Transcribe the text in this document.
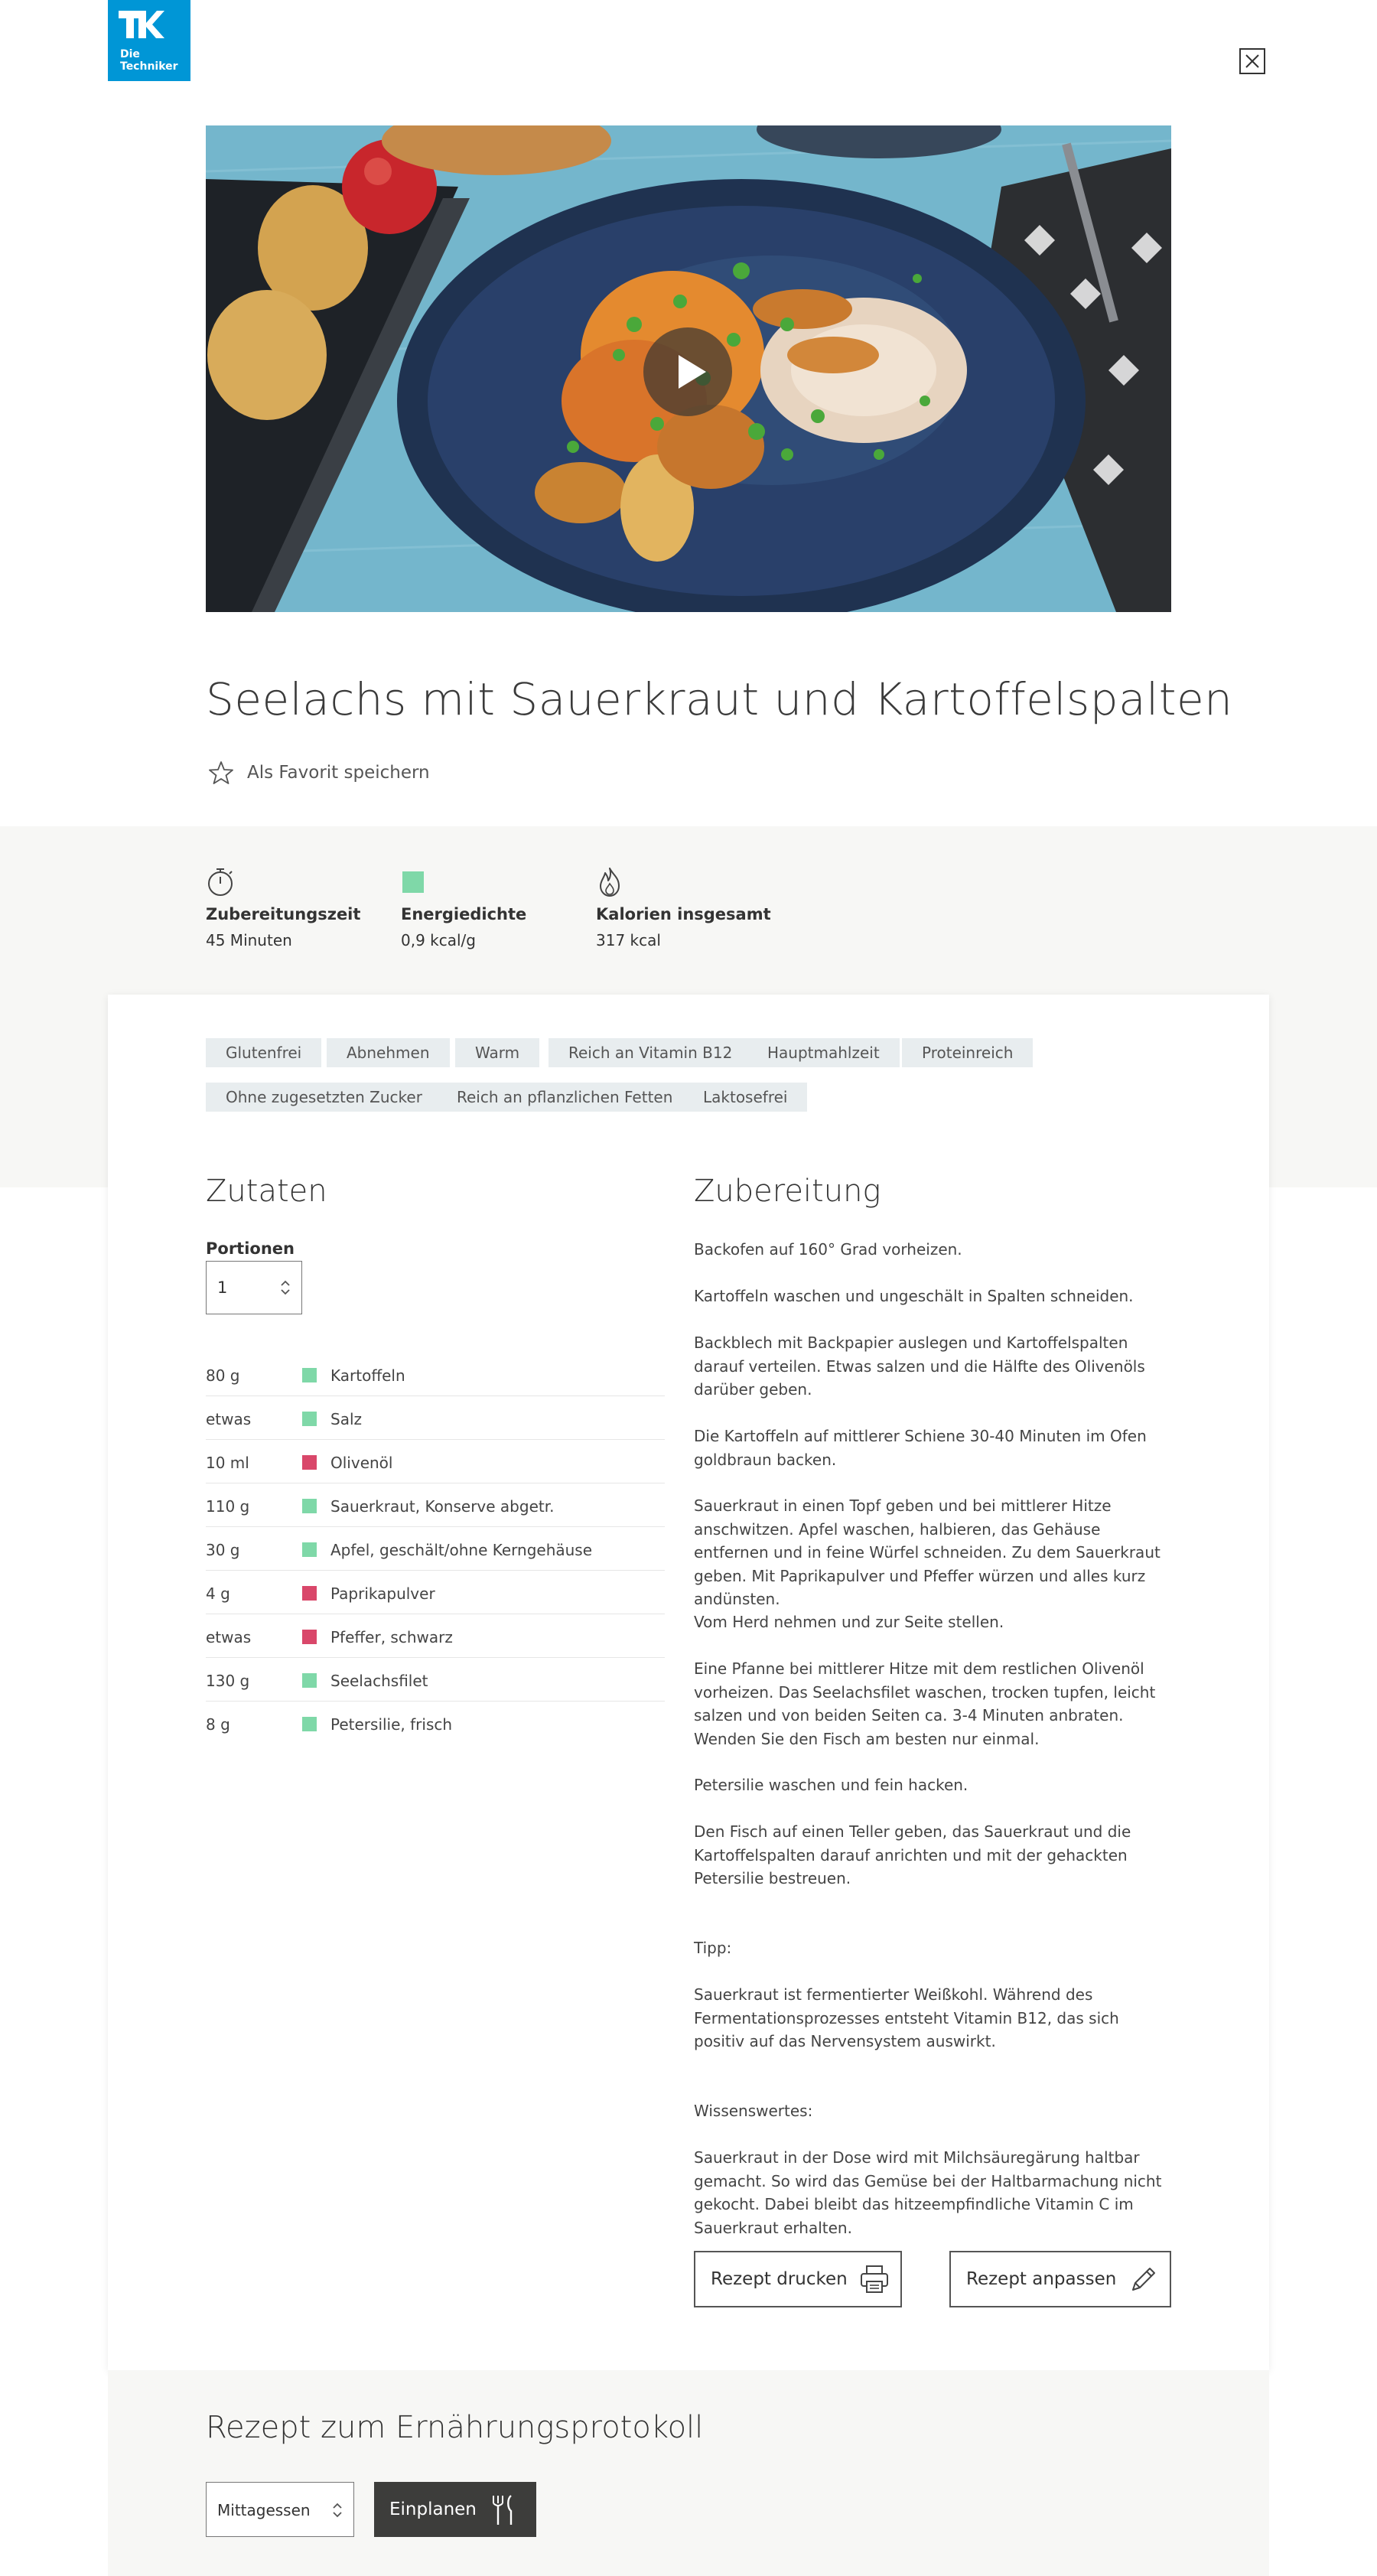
Die
Techniker
Seelachs mit Sauerkraut und Kartoffelspalten
Als Favorit speichern
Zubereitungszeit
45 Minuten
Energiedichte
0,9 kcal/g
Kalorien insgesamt
317 kcal
Glutenfrei	Abnehmen	Warm	Reich an Vitamin B12	Hauptmahlzeit	Proteinreich
Ohne zugesetzten Zucker	Reich an pflanzlichen Fetten	Laktosefrei
Zutaten
Portionen
1
80 g	Kartoffeln
etwas	Salz
10 ml	Olivenöl
110 g	Sauerkraut, Konserve abgetr.
30 g	Apfel, geschält/ohne Kerngehäuse
4 g	Paprikapulver
etwas	Pfeffer, schwarz
130 g	Seelachsfilet
8 g	Petersilie, frisch
Zubereitung
Backofen auf 160° Grad vorheizen.
Kartoffeln waschen und ungeschält in Spalten schneiden.
Backblech mit Backpapier auslegen und Kartoffelspalten darauf verteilen. Etwas salzen und die Hälfte des Olivenöls darüber geben.
Die Kartoffeln auf mittlerer Schiene 30-40 Minuten im Ofen goldbraun backen.
Sauerkraut in einen Topf geben und bei mittlerer Hitze anschwitzen. Apfel waschen, halbieren, das Gehäuse entfernen und in feine Würfel schneiden. Zu dem Sauerkraut geben. Mit Paprikapulver und Pfeffer würzen und alles kurz andünsten.
Vom Herd nehmen und zur Seite stellen.
Eine Pfanne bei mittlerer Hitze mit dem restlichen Olivenöl vorheizen. Das Seelachsfilet waschen, trocken tupfen, leicht salzen und von beiden Seiten ca. 3-4 Minuten anbraten. Wenden Sie den Fisch am besten nur einmal.
Petersilie waschen und fein hacken.
Den Fisch auf einen Teller geben, das Sauerkraut und die Kartoffelspalten darauf anrichten und mit der gehackten Petersilie bestreuen.
Tipp:
Sauerkraut ist fermentierter Weißkohl. Während des Fermentationsprozesses entsteht Vitamin B12, das sich positiv auf das Nervensystem auswirkt.
Wissenswertes:
Sauerkraut in der Dose wird mit Milchsäuregärung haltbar gemacht. So wird das Gemüse bei der Haltbarmachung nicht gekocht. Dabei bleibt das hitzeempfindliche Vitamin C im Sauerkraut erhalten.
Rezept drucken	Rezept anpassen
Rezept zum Ernährungsprotokoll
Mittagessen	Einplanen
